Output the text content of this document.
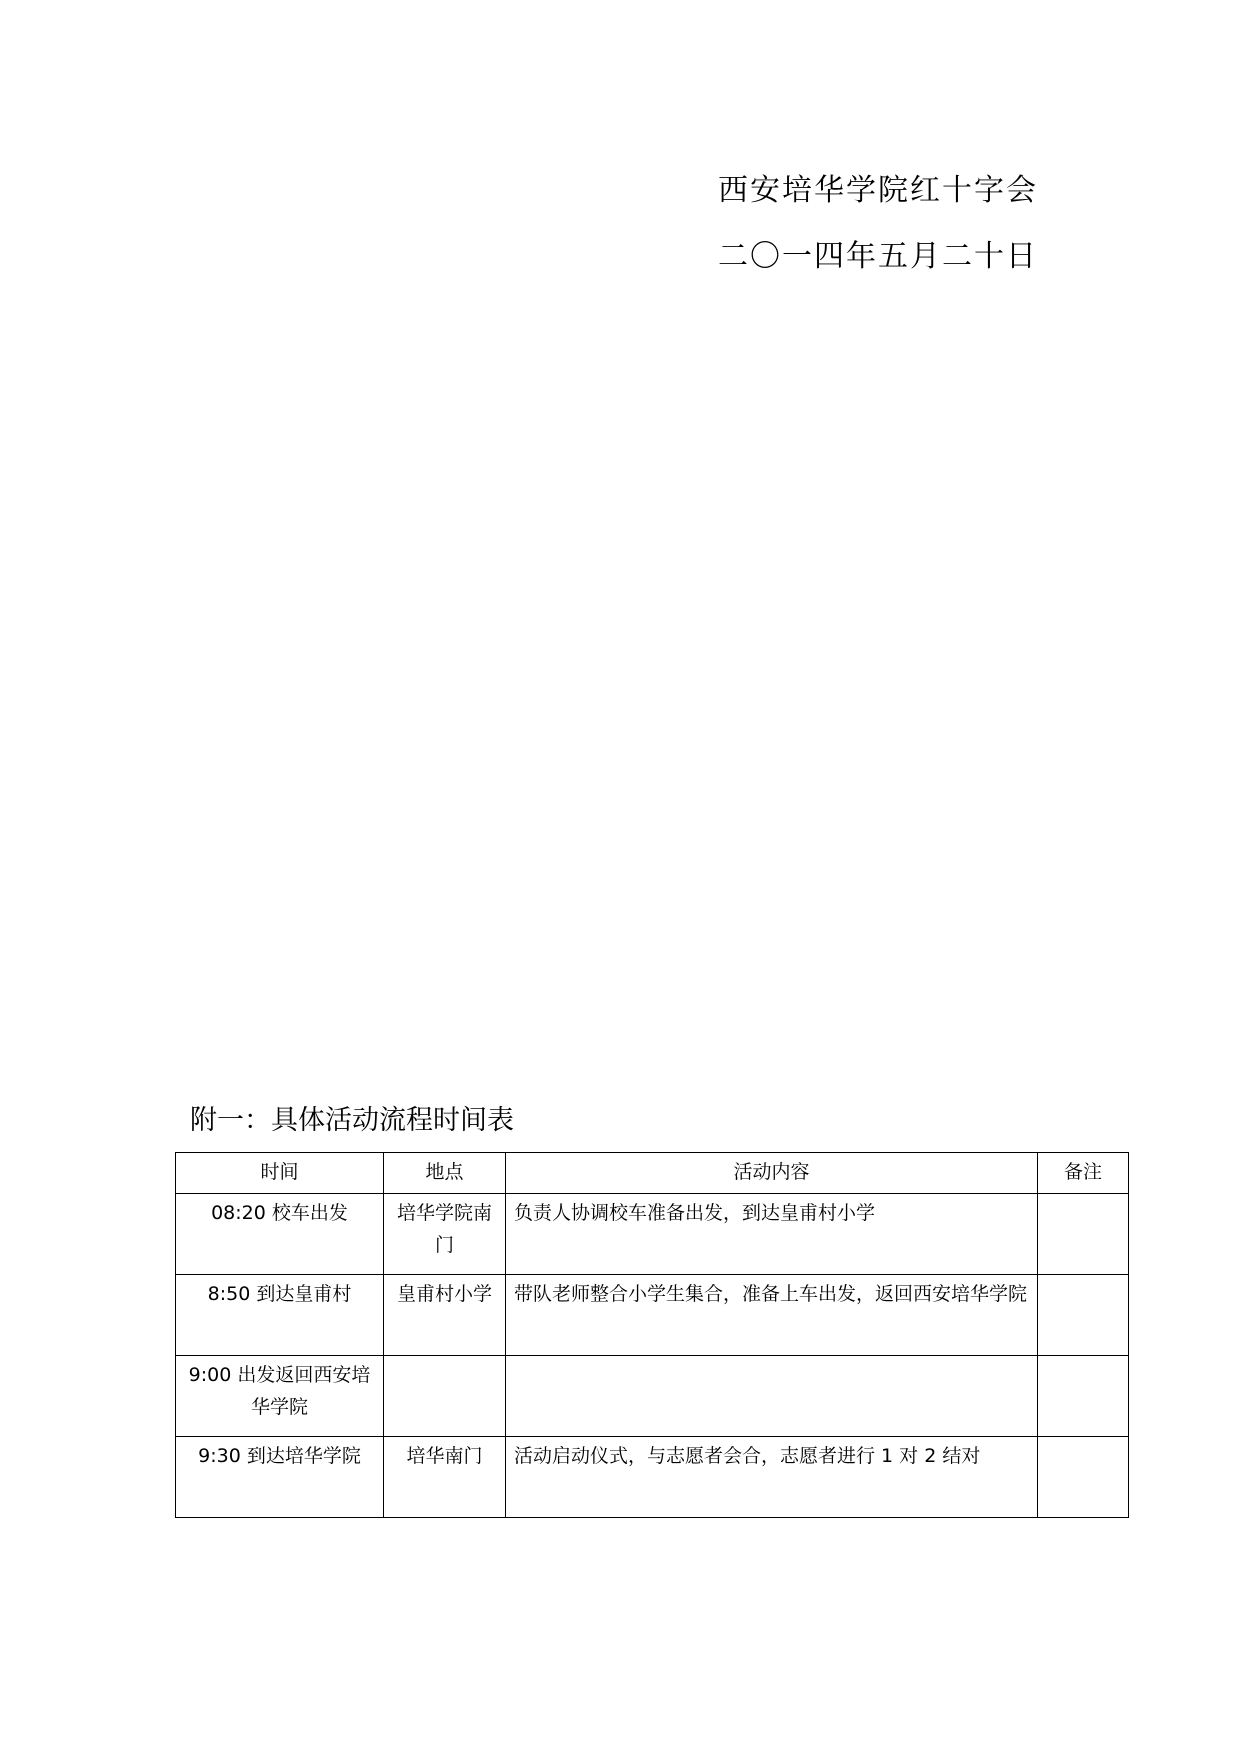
西安培华学院红十字会
二〇一四年五月二十日
附一：具体活动流程时间表
时间	地点	活动内容	备注
08:20 校车出发	培华学院南门	负责人协调校车准备出发，到达皇甫村小学	
8:50 到达皇甫村	皇甫村小学	带队老师整合小学生集合，准备上车出发，返回西安培华学院	
9:00 出发返回西安培华学院			
9:30 到达培华学院	培华南门	活动启动仪式，与志愿者会合，志愿者进行 1 对 2 结对	
